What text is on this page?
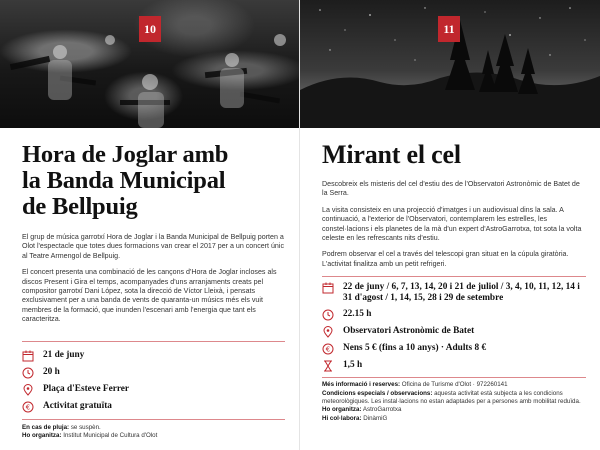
10
Hora de Joglar amb
la Banda Municipal
de Bellpuig

El grup de música garrotxí Hora de Joglar i la Banda Municipal de Bellpuig porten a Olot l'espectacle que totes dues formacions van crear el 2017 per a un concert únic al Teatre Armengol de Bellpuig.

El concert presenta una combinació de les cançons d'Hora de Joglar incloses als discos Present i Gira el temps, acompanyades d'uns arranjaments creats pel compositor garrotxí Dani López, sota la direcció de Víctor Lleixà, i pensats exclusivament per a una banda de vents de quaranta-un músics més els vuit membres de la formació, que inunden l'escenari amb l'energia que tant els caracteritza.

21 de juny
20 h
Plaça d'Esteve Ferrer
€ Activitat gratuïta
En cas de pluja: se suspèn.
Ho organitza: Institut Municipal de Cultura d'Olot
11
Mirant el cel

Descobreix els misteris del cel d'estiu des de l'Observatori Astronòmic de Batet de la Serra.

La visita consisteix en una projecció d'imatges i un audiovisual dins la sala. A continuació, a l'exterior de l'Observatori, contemplarem les estrelles, les constel·lacions i els planetes de la mà d'un expert d'AstroGarrotxa, tot sota la volta celeste en les refrescants nits d'estiu.

Podrem observar el cel a través del telescopi gran situat en la cúpula giratòria. L'activitat finalitza amb un petit refrigeri.

22 de juny / 6, 7, 13, 14, 20 i 21 de juliol / 3, 4, 10, 11, 12, 14 i 31 d'agost / 1, 14, 15, 28 i 29 de setembre
22.15 h
Observatori Astronòmic de Batet
€ Nens 5 € (fins a 10 anys) · Adults 8 €
1,5 h
Més informació i reserves: Oficina de Turisme d'Olot · 972260141
Condicions especials / observacions: aquesta activitat està subjecta a les condicions meteorològiques. Les instal·lacions no estan adaptades per a persones amb mobilitat reduïda.
Ho organitza: AstroGarrotxa
Hi col·labora: DinàmiG
